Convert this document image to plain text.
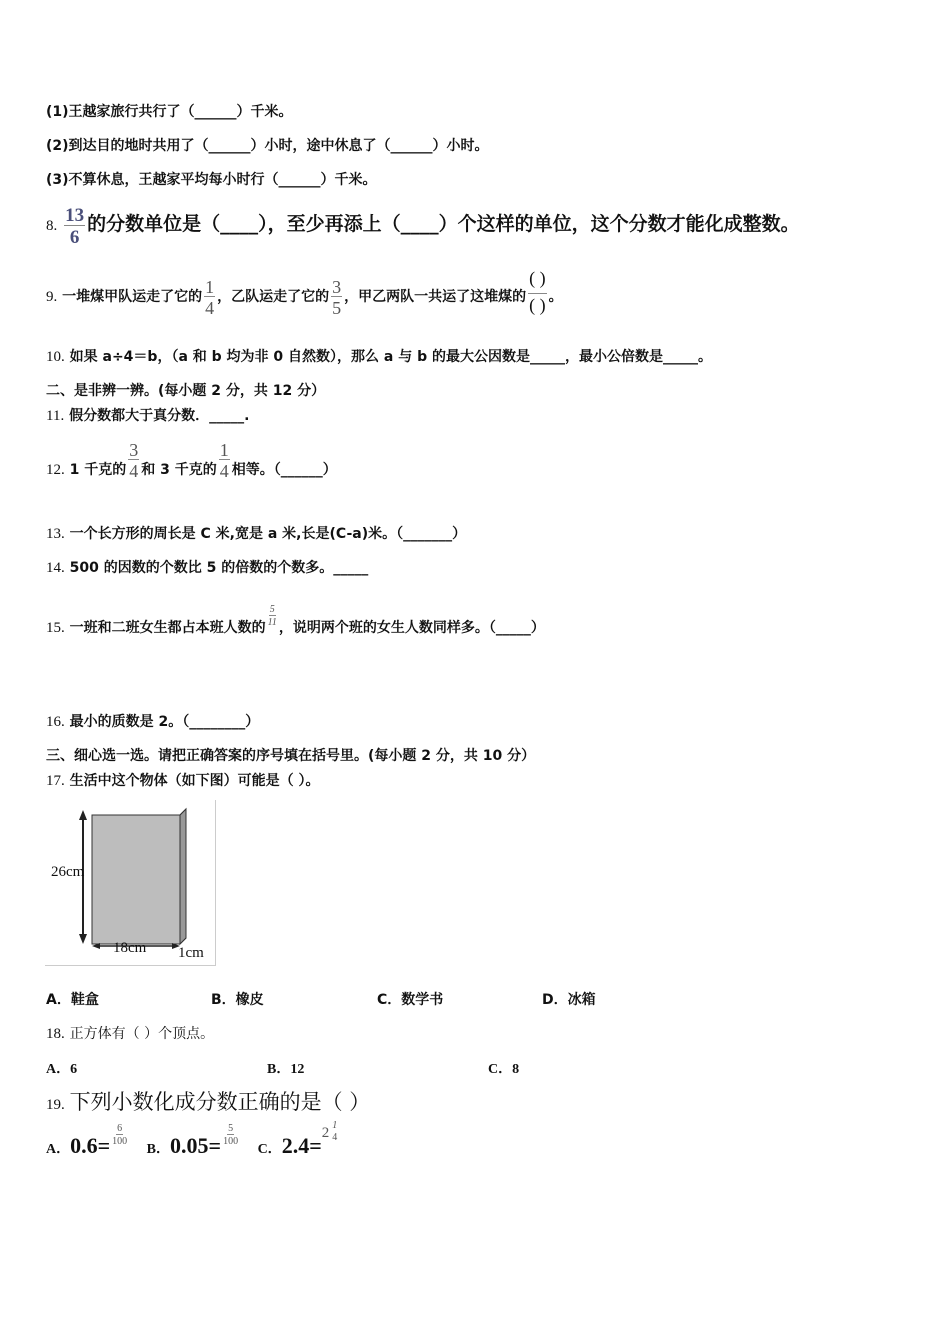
(1)王越家旅行共行了（______）千米。
(2)到达目的地时共用了（______）小时，途中休息了（______）小时。
(3)不算休息，王越家平均每小时行（______）千米。
8. $\frac{13}{6}$ 的分数单位是（____），至少再添上（____）个这样的单位，这个分数才能化成整数。
9. 一堆煤甲队运走了它的 $\frac{1}{4}$ ，乙队运走了它的 $\frac{3}{5}$ ，甲乙两队一共运了这堆煤的
( )
( ) 。
10. 如果 a÷4＝b，（a 和 b 均为非 0 自然数），那么 a 与 b 的最大公因数是_____，最小公倍数是_____。
二、是非辨一辨。(每小题 2 分，共 12 分）
11. 假分数都大于真分数．_____.
12. 1 千克的 $\frac{3}{4}$ 和 3 千克的 $\frac{1}{4}$ 相等。（______）
13. 一个长方形的周长是 C 米,宽是 a 米,长是(C-a)米。（_______）
14. 500 的因数的个数比 5 的倍数的个数多。_____
15. 一班和二班女生都占本班人数的
$\frac{5}{11}$
，说明两个班的女生人数同样多。（_____）
16. 最小的质数是 2。（________）
三、细心选一选。请把正确答案的序号填在括号里。(每小题 2 分，共 10 分）
17. 生活中这个物体（如下图）可能是（ ）。
26cm
18cm 1cm
A．鞋盒	B．橡皮	C．数学书	D．冰箱
18. 正方体有（ ）个顶点。
A．6	B．12	C．8
19. 下列小数化成分数正确的是（ ）
A．$0.6= \frac{6}{100}$
B．$0.05= \frac{5}{100}$
C．2.4=2 1
4
